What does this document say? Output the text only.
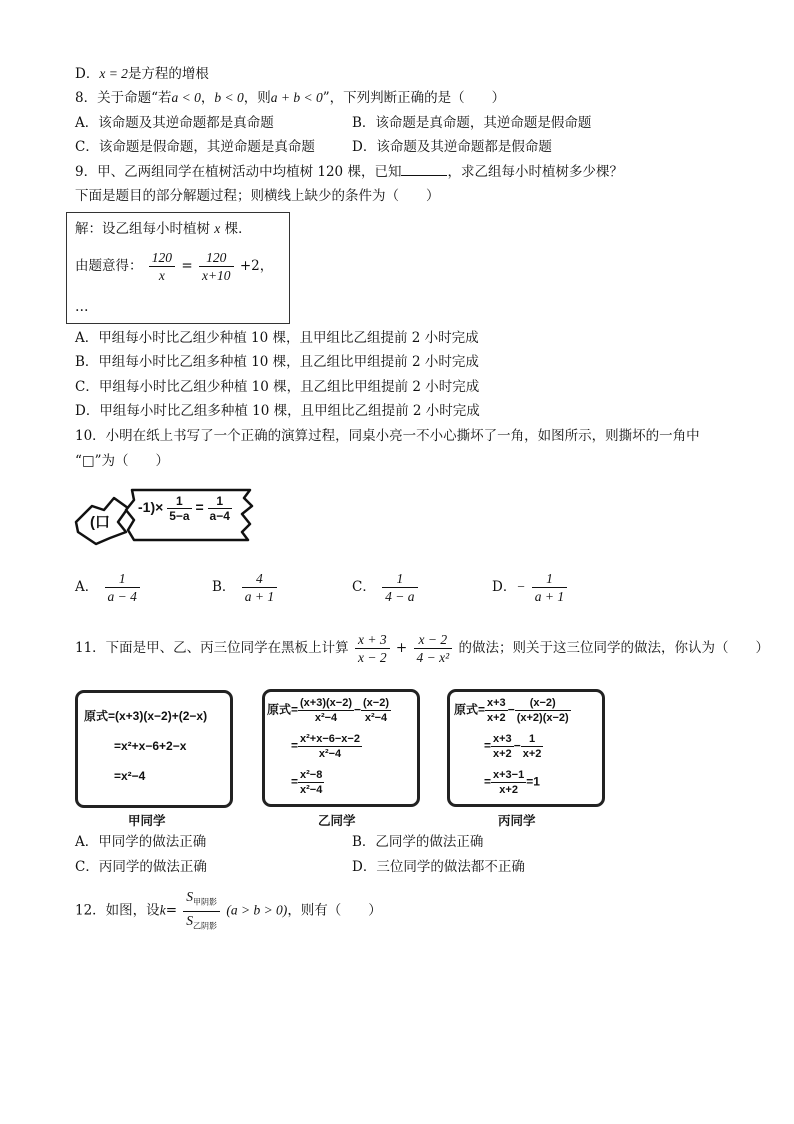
D．x = 2是方程的增根
8．关于命题“若a < 0，b < 0，则a + b < 0”，下列判断正确的是（　　）
A．该命题及其逆命题都是真命题	B．该命题是真命题，其逆命题是假命题
C．该命题是假命题，其逆命题是真命题	D．该命题及其逆命题都是假命题
9．甲、乙两组同学在植树活动中均植树 120 棵，已知	，求乙组每小时植树多少棵？
下面是题目的部分解题过程；则横线上缺少的条件为（　　）
解：设乙组每小时植树 x 棵．
由题意得： $\frac{120}{x} = \frac{120}{x+10} +2$，
…
A．甲组每小时比乙组少种植 10 棵，且甲组比乙组提前 2 小时完成
B．甲组每小时比乙组多种植 10 棵，且乙组比甲组提前 2 小时完成
C．甲组每小时比乙组少种植 10 棵，且乙组比甲组提前 2 小时完成
D．甲组每小时比乙组多种植 10 棵，且甲组比乙组提前 2 小时完成
10．小明在纸上书写了一个正确的演算过程，同桌小亮一不小心撕坏了一角，如图所示，则撕坏的一角中
“□”为（　　）
(口
$-1)\times \frac{1}{5-a} = \frac{1}{a-4}$
A． $\frac{1}{a - 4}$	B． $\frac{4}{a + 1}$	C． $\frac{1}{4 - a}$	D．− $\frac{1}{a + 1}$
11．下面是甲、乙、丙三位同学在黑板上计算 $\frac{x + 3}{x - 2} + \frac{x - 2}{\text{4 − x²}}$ 的做法；则关于这三位同学的做法，你认为（　　）
原式=(x+3)(x−2)+(2−x)
=x²+x−6+2−x
=x²−4
甲同学
原式= $\frac{(x+3)(x-2)}{\text{x²−4}} - \frac{(x-2)}{\text{x²−4}}$
= $\frac{\text{x²+x−6−x−2}}{\text{x²−4}}$
= $\frac{\text{x²−8}}{\text{x²−4}}$
乙同学
原式= $\frac{x+3}{x+2} - \frac{(x-2)}{(x+2)(x-2)}$
= $\frac{x+3}{x+2} - \frac{1}{x+2}$
= $\frac{x+3-1}{x+2} =1$
丙同学
A．甲同学的做法正确	B．乙同学的做法正确
C．丙同学的做法正确	D．三位同学的做法都不正确
12．如图，设$k= \frac{S_{甲阴影}}{S_{乙阴影}} (a > b > 0)$，则有（　　）
